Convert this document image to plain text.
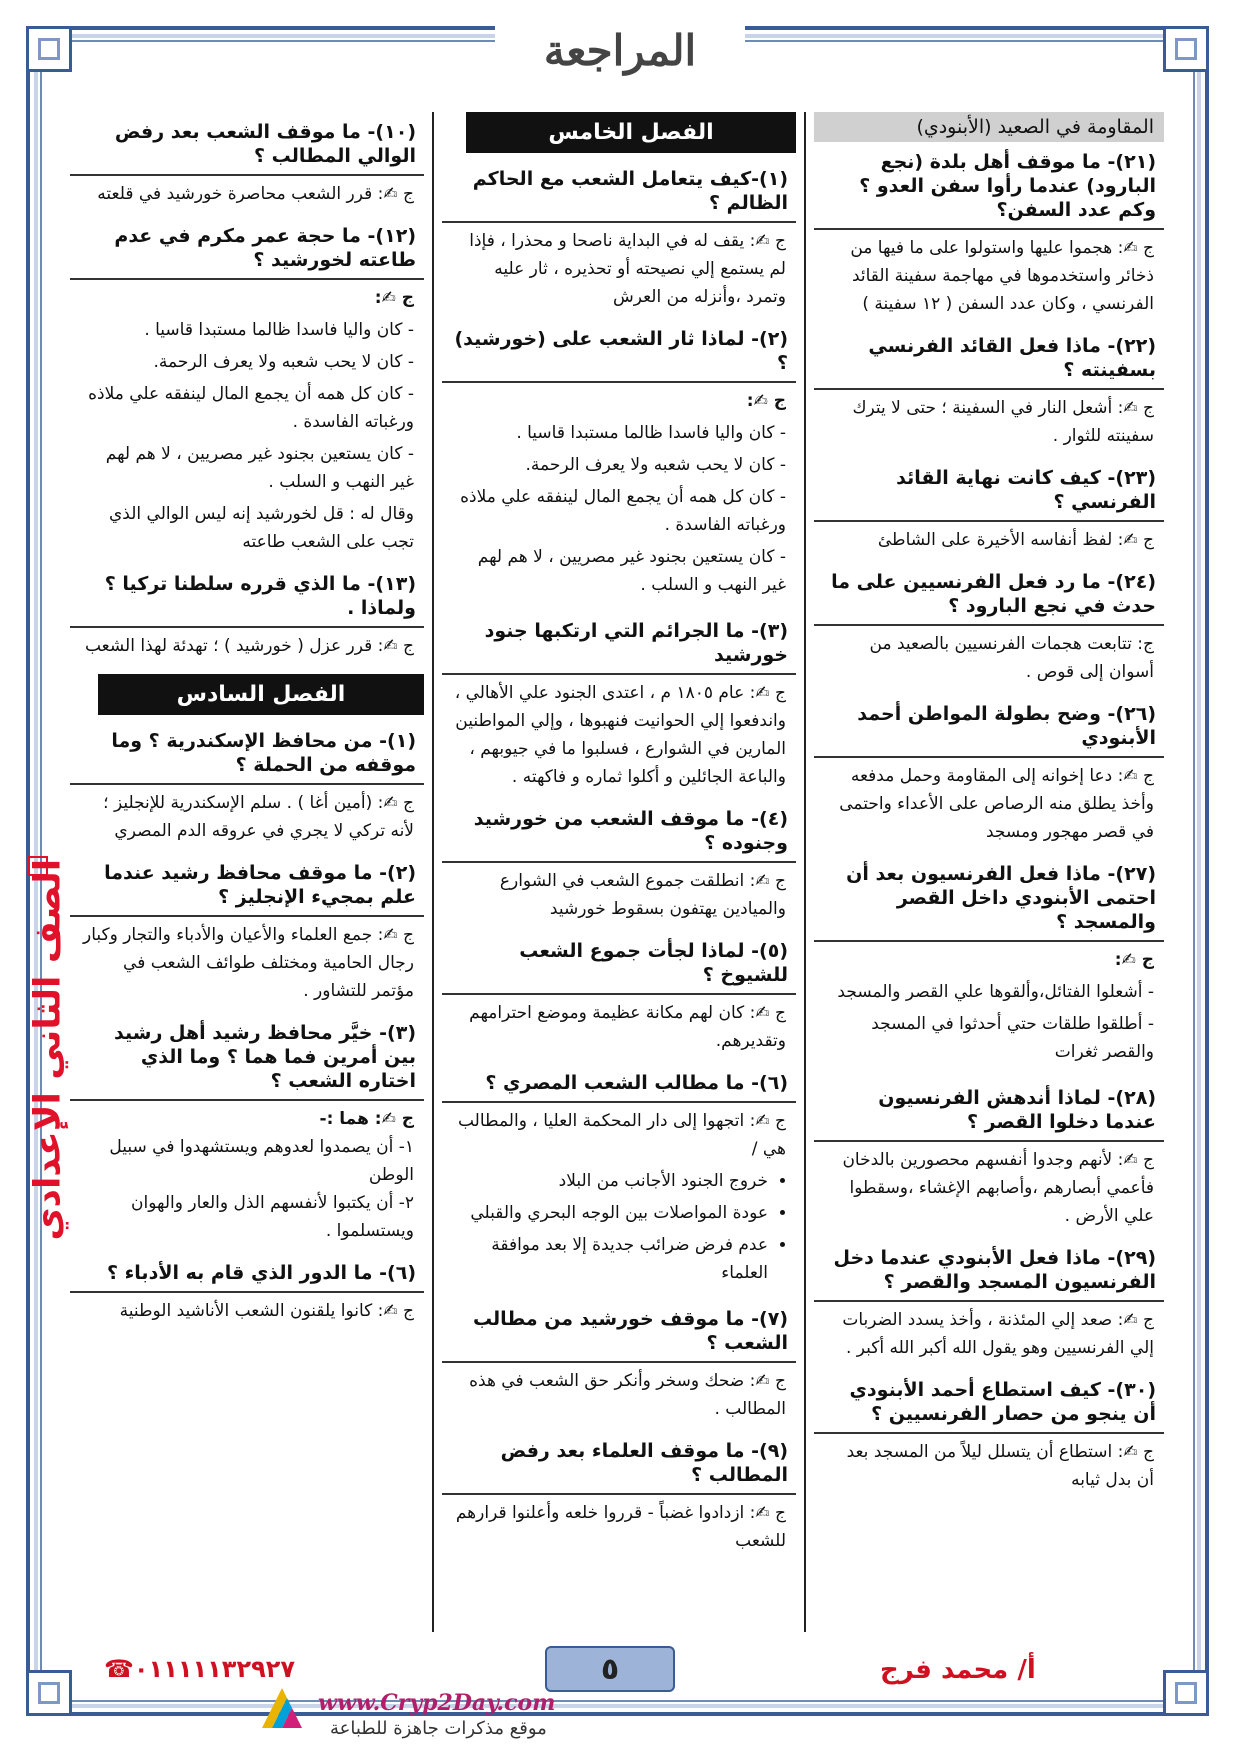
المراجعة
المقاومة في الصعيد (الأبنودي)
(٢١)- ما موقف أهل بلدة (نجع البارود) عندما رأوا سفن العدو ؟ وكم عدد السفن؟
ج ✍: هجموا عليها واستولوا على ما فيها من ذخائر واستخدموها في مهاجمة سفينة القائد الفرنسي ، وكان عدد السفن ( ١٢ سفينة )
(٢٢)- ماذا فعل القائد الفرنسي بسفينته ؟
ج ✍: أشعل النار في السفينة ؛ حتى لا يترك سفينته للثوار .
(٢٣)- كيف كانت نهاية القائد الفرنسي ؟
ج ✍: لفظ أنفاسه الأخيرة على الشاطئ
(٢٤)- ما رد فعل الفرنسيين على ما حدث في نجع البارود ؟
ج: تتابعت هجمات الفرنسيين بالصعيد من أسوان إلى قوص .
(٢٦)- وضح بطولة المواطن أحمد الأبنودي
ج ✍: دعا إخوانه إلى المقاومة وحمل مدفعه وأخذ يطلق منه الرصاص على الأعداء واحتمى في قصر مهجور ومسجد
(٢٧)- ماذا فعل الفرنسيون بعد أن احتمى الأبنودي داخل القصر والمسجد ؟
ج ✍:
- أشعلوا الفتائل،وألقوها علي القصر والمسجد
- أطلقوا طلقات حتي أحدثوا في المسجد والقصر ثغرات
(٢٨)- لماذا أندهش الفرنسيون عندما دخلوا القصر ؟
ج ✍: لأنهم وجدوا أنفسهم محصورين بالدخان فأعمي أبصارهم ،وأصابهم الإغشاء ،وسقطوا علي الأرض .
(٢٩)- ماذا فعل الأبنودي عندما دخل الفرنسيون المسجد والقصر ؟
ج ✍: صعد إلي المئذنة ، وأخذ يسدد الضربات إلي الفرنسيين وهو يقول الله أكبر الله أكبر .
(٣٠)- كيف استطاع أحمد الأبنودي أن ينجو من حصار الفرنسيين ؟
ج ✍: استطاع أن يتسلل ليلاً من المسجد بعد أن بدل ثيابه
الفصل الخامس
(١)-كيف يتعامل الشعب مع الحاكم الظالم ؟
ج ✍: يقف له في البداية ناصحا و محذرا ، فإذا لم يستمع إلي نصيحته أو تحذيره ، ثار عليه وتمرد ،وأنزله من العرش
(٢)- لماذا ثار الشعب على (خورشيد) ؟
ج ✍:
- كان واليا فاسدا ظالما مستبدا قاسيا .
- كان لا يحب شعبه ولا يعرف الرحمة.
- كان كل همه أن يجمع المال لينفقه علي ملاذه ورغباته الفاسدة .
- كان يستعين بجنود غير مصريين ، لا هم لهم غير النهب و السلب .
(٣)- ما الجرائم التي ارتكبها جنود خورشيد
ج ✍: عام ١٨٠٥ م ، اعتدى الجنود علي الأهالي ، واندفعوا إلي الحوانيت فنهبوها ، وإلي المواطنين المارين في الشوارع ، فسلبوا ما في جيوبهم ، والباعة الجائلين و أكلوا ثماره و فاكهته .
(٤)- ما موقف الشعب من خورشيد وجنوده ؟
ج ✍: انطلقت جموع الشعب في الشوارع والميادين يهتفون بسقوط خورشيد
(٥)- لماذا لجأت جموع الشعب للشيوخ ؟
ج ✍: كان لهم مكانة عظيمة وموضع احترامهم وتقديرهم.
(٦)- ما مطالب الشعب المصري ؟
ج ✍: اتجهوا إلى دار المحكمة العليا ، والمطالب هي /
• خروج الجنود الأجانب من البلاد
• عودة المواصلات بين الوجه البحري والقبلي
• عدم فرض ضرائب جديدة إلا بعد موافقة العلماء
(٧)- ما موقف خورشيد من مطالب الشعب ؟
ج ✍: ضحك وسخر وأنكر حق الشعب في هذه المطالب .
(٩)- ما موقف العلماء بعد رفض المطالب ؟
ج ✍: ازدادوا غضباً - قرروا خلعه وأعلنوا قرارهم للشعب
(١٠)- ما موقف الشعب بعد رفض الوالي المطالب ؟
ج ✍: قرر الشعب محاصرة خورشيد في قلعته
(١٢)- ما حجة عمر مكرم في عدم طاعته لخورشيد ؟
ج ✍:
- كان واليا فاسدا ظالما مستبدا قاسيا .
- كان لا يحب شعبه ولا يعرف الرحمة.
- كان كل همه أن يجمع المال لينفقه علي ملاذه ورغباته الفاسدة .
- كان يستعين بجنود غير مصريين ، لا هم لهم غير النهب و السلب .
وقال له : قل لخورشيد إنه ليس الوالي الذي تجب على الشعب طاعته
(١٣)- ما الذي قرره سلطنا تركيا ؟ ولماذا .
ج ✍: قرر عزل ( خورشيد ) ؛ تهدئة لهذا الشعب
الفصل السادس
(١)- من محافظ الإسكندرية ؟ وما موقفه من الحملة ؟
ج ✍: (أمين أغا ) . سلم الإسكندرية للإنجليز ؛لأنه تركي لا يجري في عروقه الدم المصري
(٢)- ما موقف محافظ رشيد عندما علم بمجيء الإنجليز ؟
ج ✍: جمع العلماء والأعيان والأدباء والتجار وكبار رجال الحامية ومختلف طوائف الشعب في مؤتمر للتشاور .
(٣)- خيَّر محافظ رشيد أهل رشيد بين أمرين فما هما ؟ وما الذي اختاره الشعب ؟
ج ✍: هما :-
١- أن يصمدوا لعدوهم ويستشهدوا في سبيل الوطن
٢- أن يكتبوا لأنفسهم الذل والعار والهوان ويستسلموا .
(٦)- ما الدور الذي قام به الأدباء ؟
ج ✍: كانوا يلقنون الشعب الأناشيد الوطنية
الصف الثاني الإعدادي
☎٠١١١١١٣٢٩٢٧	٥	أ/ محمد فرج
www.Cryp2Day.com
موقع مذكرات جاهزة للطباعة
